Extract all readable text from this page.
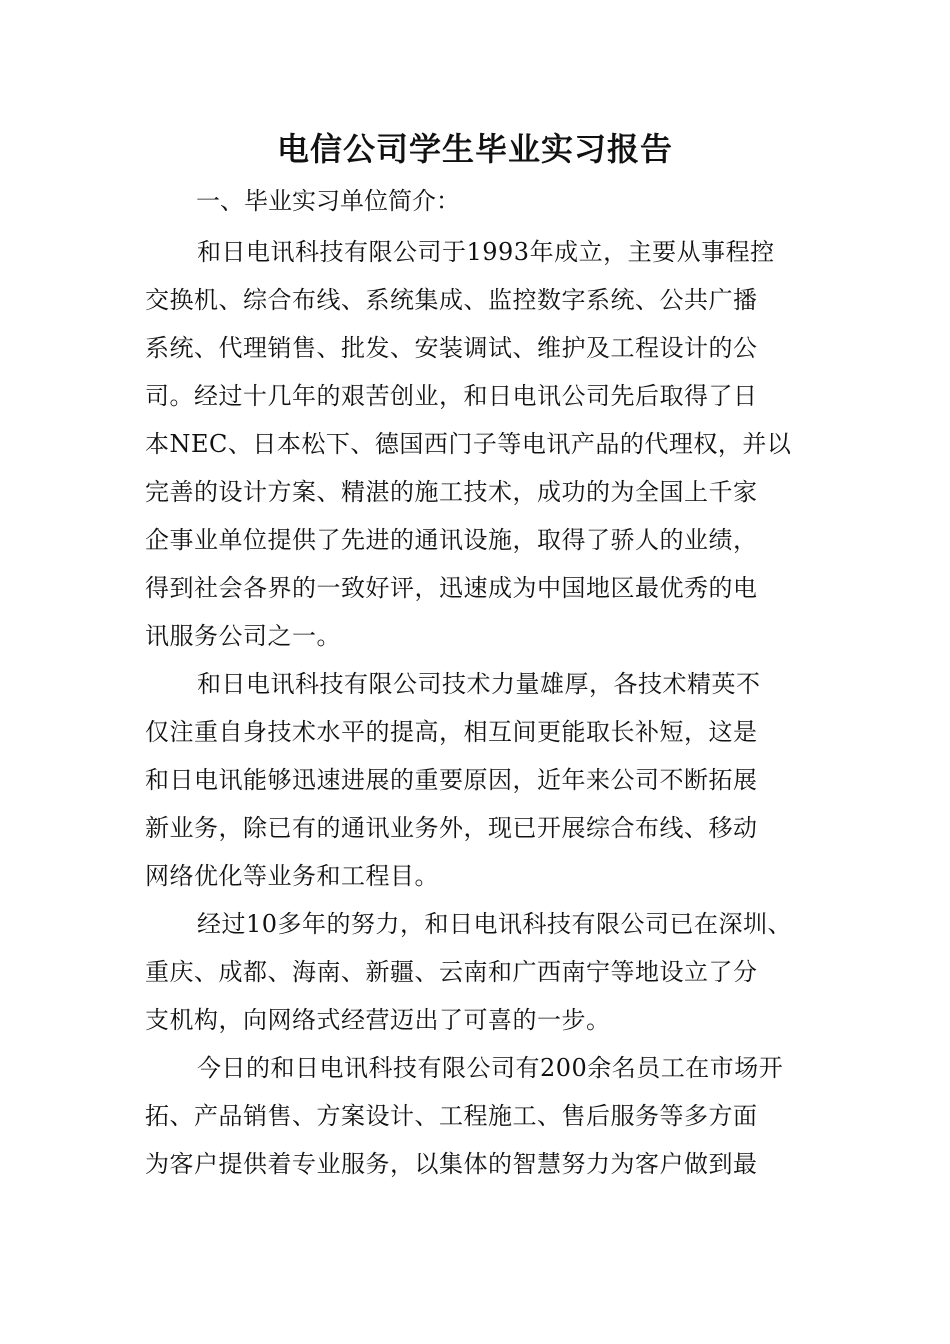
电信公司学生毕业实习报告
一、毕业实习单位简介：
和日电讯科技有限公司于1993年成立，主要从事程控
交换机、综合布线、系统集成、监控数字系统、公共广播
系统、代理销售、批发、安装调试、维护及工程设计的公
司。经过十几年的艰苦创业，和日电讯公司先后取得了日
本NEC、日本松下、德国西门子等电讯产品的代理权，并以
完善的设计方案、精湛的施工技术，成功的为全国上千家
企事业单位提供了先进的通讯设施，取得了骄人的业绩，
得到社会各界的一致好评，迅速成为中国地区最优秀的电
讯服务公司之一。
和日电讯科技有限公司技术力量雄厚，各技术精英不
仅注重自身技术水平的提高，相互间更能取长补短，这是
和日电讯能够迅速进展的重要原因，近年来公司不断拓展
新业务，除已有的通讯业务外，现已开展综合布线、移动
网络优化等业务和工程目。
经过10多年的努力，和日电讯科技有限公司已在深圳、
重庆、成都、海南、新疆、云南和广西南宁等地设立了分
支机构，向网络式经营迈出了可喜的一步。
今日的和日电讯科技有限公司有200余名员工在市场开
拓、产品销售、方案设计、工程施工、售后服务等多方面
为客户提供着专业服务，以集体的智慧努力为客户做到最
